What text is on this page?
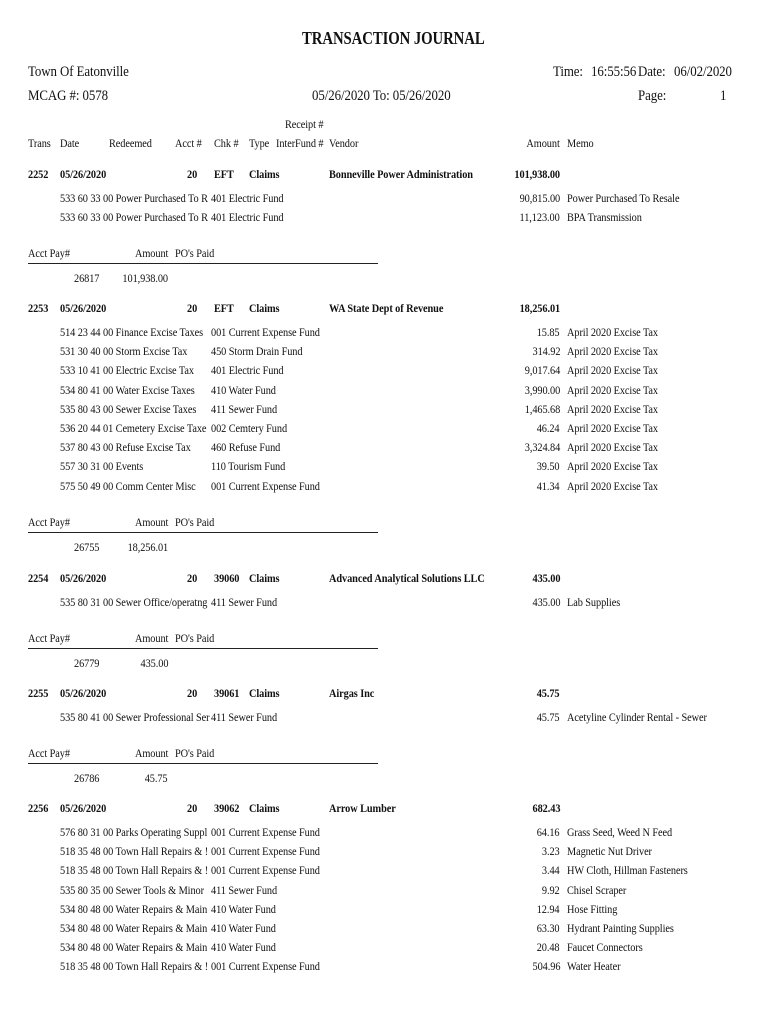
TRANSACTION JOURNAL
Town Of Eatonville
MCAG #: 0578	05/26/2020 To: 05/26/2020
Time: 16:55:56 Date: 06/02/2020
Page:	1
Receipt #
Trans Date Redeemed Acct # Chk # Type InterFund # Vendor	Amount Memo
2252 05/26/2020	20 EFT Claims	Bonneville Power Administration	101,938.00
533 60 33 00 Power Purchased To R 401 Electric Fund	90,815.00 Power Purchased To Resale
533 60 33 00 Power Purchased To R 401 Electric Fund	11,123.00 BPA Transmission
Acct Pay#	Amount PO's Paid
26817 101,938.00
2253 05/26/2020	20 EFT Claims	WA State Dept of Revenue	18,256.01
514 23 44 00 Finance Excise Taxes 001 Current Expense Fund	15.85 April 2020 Excise Tax
531 30 40 00 Storm Excise Tax 450 Storm Drain Fund	314.92 April 2020 Excise Tax
533 10 41 00 Electric Excise Tax 401 Electric Fund	9,017.64 April 2020 Excise Tax
534 80 41 00 Water Excise Taxes 410 Water Fund	3,990.00 April 2020 Excise Tax
535 80 43 00 Sewer Excise Taxes 411 Sewer Fund	1,465.68 April 2020 Excise Tax
536 20 44 01 Cemetery Excise Taxe 002 Cemtery Fund	46.24 April 2020 Excise Tax
537 80 43 00 Refuse Excise Tax 460 Refuse Fund	3,324.84 April 2020 Excise Tax
557 30 31 00 Events	110 Tourism Fund	39.50 April 2020 Excise Tax
575 50 49 00 Comm Center Misc 001 Current Expense Fund	41.34 April 2020 Excise Tax
Acct Pay#	Amount PO's Paid
26755 18,256.01
2254 05/26/2020	20 39060 Claims	Advanced Analytical Solutions LLC	435.00
535 80 31 00 Sewer Office/operatng 411 Sewer Fund	435.00 Lab Supplies
Acct Pay#	Amount PO's Paid
26779	435.00
2255 05/26/2020	20 39061 Claims	Airgas Inc	45.75
535 80 41 00 Sewer Professional Ser 411 Sewer Fund	45.75 Acetyline Cylinder Rental - Sewer
Acct Pay#	Amount PO's Paid
26786	45.75
2256 05/26/2020	20 39062 Claims	Arrow Lumber	682.43
576 80 31 00 Parks Operating Suppl 001 Current Expense Fund	64.16 Grass Seed, Weed N Feed
518 35 48 00 Town Hall Repairs & ! 001 Current Expense Fund	3.23 Magnetic Nut Driver
518 35 48 00 Town Hall Repairs & ! 001 Current Expense Fund	3.44 HW Cloth, Hillman Fasteners
535 80 35 00 Sewer Tools & Minor 411 Sewer Fund	9.92 Chisel Scraper
534 80 48 00 Water Repairs & Main 410 Water Fund	12.94 Hose Fitting
534 80 48 00 Water Repairs & Main 410 Water Fund	63.30 Hydrant Painting Supplies
534 80 48 00 Water Repairs & Main 410 Water Fund	20.48 Faucet Connectors
518 35 48 00 Town Hall Repairs & ! 001 Current Expense Fund	504.96 Water Heater
